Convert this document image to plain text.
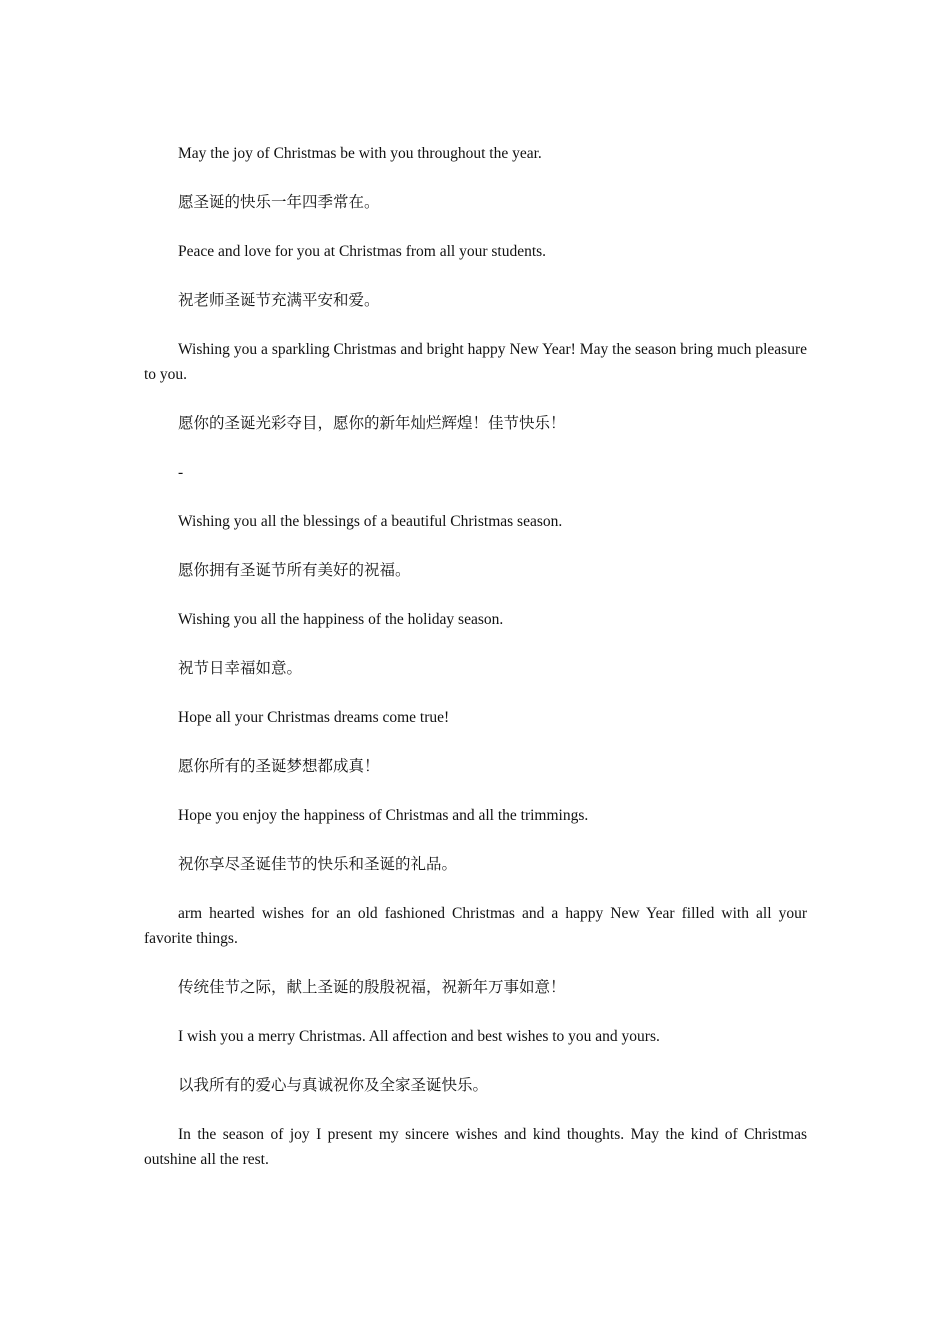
May the joy of Christmas be with you throughout the year.

愿圣诞的快乐一年四季常在。

Peace and love for you at Christmas from all your students.

祝老师圣诞节充满平安和爱。

Wishing you a sparkling Christmas and bright happy New Year! May the season bring much pleasure to you.

愿你的圣诞光彩夺目，愿你的新年灿烂辉煌！佳节快乐！

-

Wishing you all the blessings of a beautiful Christmas season.

愿你拥有圣诞节所有美好的祝福。

Wishing you all the happiness of the holiday season.

祝节日幸福如意。

Hope all your Christmas dreams come true!

愿你所有的圣诞梦想都成真！

Hope you enjoy the happiness of Christmas and all the trimmings.

祝你享尽圣诞佳节的快乐和圣诞的礼品。

arm hearted wishes for an old fashioned Christmas and a happy New Year filled with all your favorite things.

传统佳节之际，献上圣诞的殷殷祝福，祝新年万事如意！

I wish you a merry Christmas. All affection and best wishes to you and yours.

以我所有的爱心与真诚祝你及全家圣诞快乐。

In the season of joy I present my sincere wishes and kind thoughts. May the kind of Christmas outshine all the rest.
